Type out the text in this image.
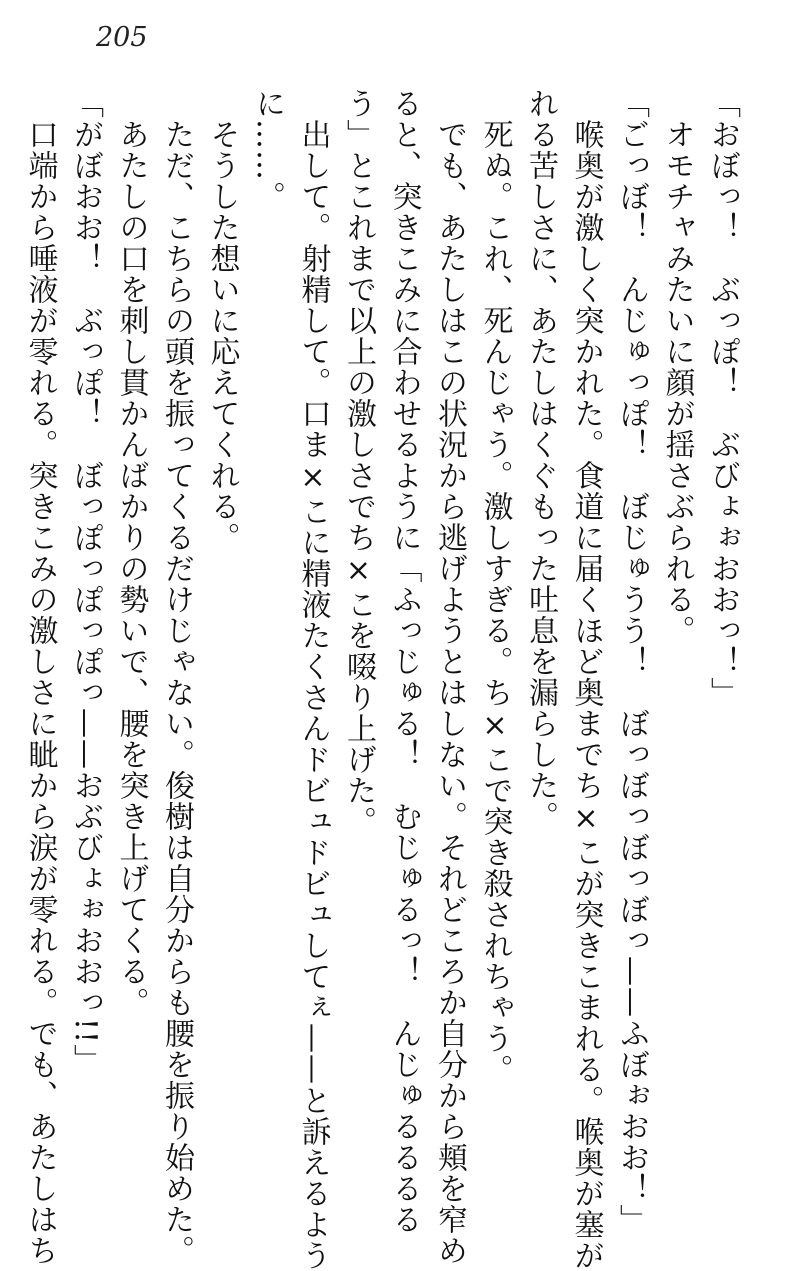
205
「おぼっ！　ぶっぽ！　ぶびょぉおおっ！」
　オモチャみたいに顔が揺さぶられる。
「ごっぼ！　んじゅっぽ！　ぼじゅうう！　ぼっぼっぼっぼっ——ふぼぉおお！」
　喉奥が激しく突かれた。食道に届くほど奥までち×こが突きこまれる。喉奥が塞が
れる苦しさに、あたしはくぐもった吐息を漏らした。
　死ぬ。これ、死んじゃう。激しすぎる。ち×こで突き殺されちゃう。
　でも、あたしはこの状況から逃げようとはしない。それどころか自分から頬を窄め
ると、突きこみに合わせるように「ふっじゅる！　むじゅるっ！　んじゅるるるる
う」とこれまで以上の激しさでち×こを啜り上げた。
　出して。射精して。口ま×こに精液たくさんドビュドビュしてぇ——と訴えるよう
に……。
　そうした想いに応えてくれる。
　ただ、こちらの頭を振ってくるだけじゃない。俊樹は自分からも腰を振り始めた。
　あたしの口を刺し貫かんばかりの勢いで、腰を突き上げてくる。
「がぼおお！　ぶっぽ！　ぼっぽっぽっぽっ——おぶびょぉおおっ!!」
　口端から唾液が零れる。突きこみの激しさに眦から涙が零れる。でも、あたしはち
